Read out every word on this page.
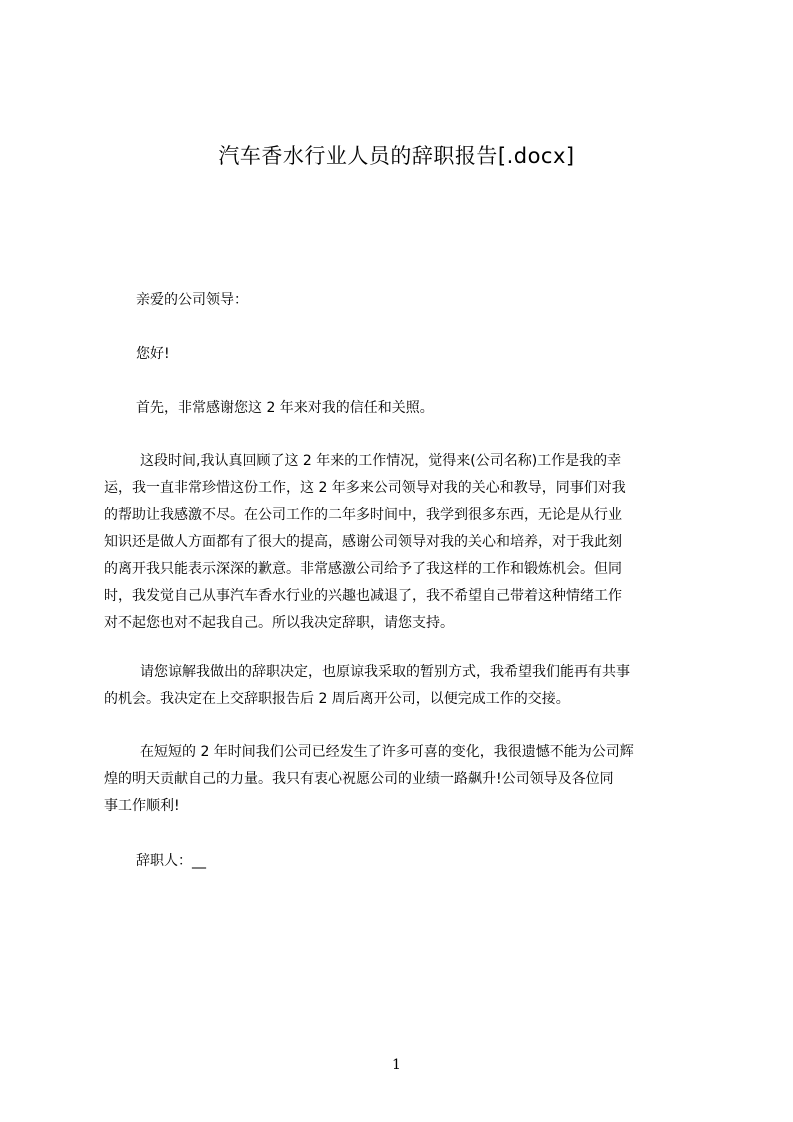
汽车香水行业人员的辞职报告[.docx]

亲爱的公司领导：

您好!

首先，非常感谢您这 2 年来对我的信任和关照。

这段时间,我认真回顾了这 2 年来的工作情况，觉得来(公司名称)工作是我的幸
运，我一直非常珍惜这份工作，这 2 年多来公司领导对我的关心和教导，同事们对我
的帮助让我感激不尽。在公司工作的二年多时间中，我学到很多东西，无论是从行业
知识还是做人方面都有了很大的提高，感谢公司领导对我的关心和培养，对于我此刻
的离开我只能表示深深的歉意。非常感激公司给予了我这样的工作和锻炼机会。但同
时，我发觉自己从事汽车香水行业的兴趣也减退了，我不希望自己带着这种情绪工作
对不起您也对不起我自己。所以我决定辞职，请您支持。
请您谅解我做出的辞职决定，也原谅我采取的暂别方式，我希望我们能再有共事
的机会。我决定在上交辞职报告后 2 周后离开公司，以便完成工作的交接。
在短短的 2 年时间我们公司已经发生了许多可喜的变化，我很遗憾不能为公司辉
煌的明天贡献自己的力量。我只有衷心祝愿公司的业绩一路飙升!公司领导及各位同
事工作顺利!

辞职人：__

1
